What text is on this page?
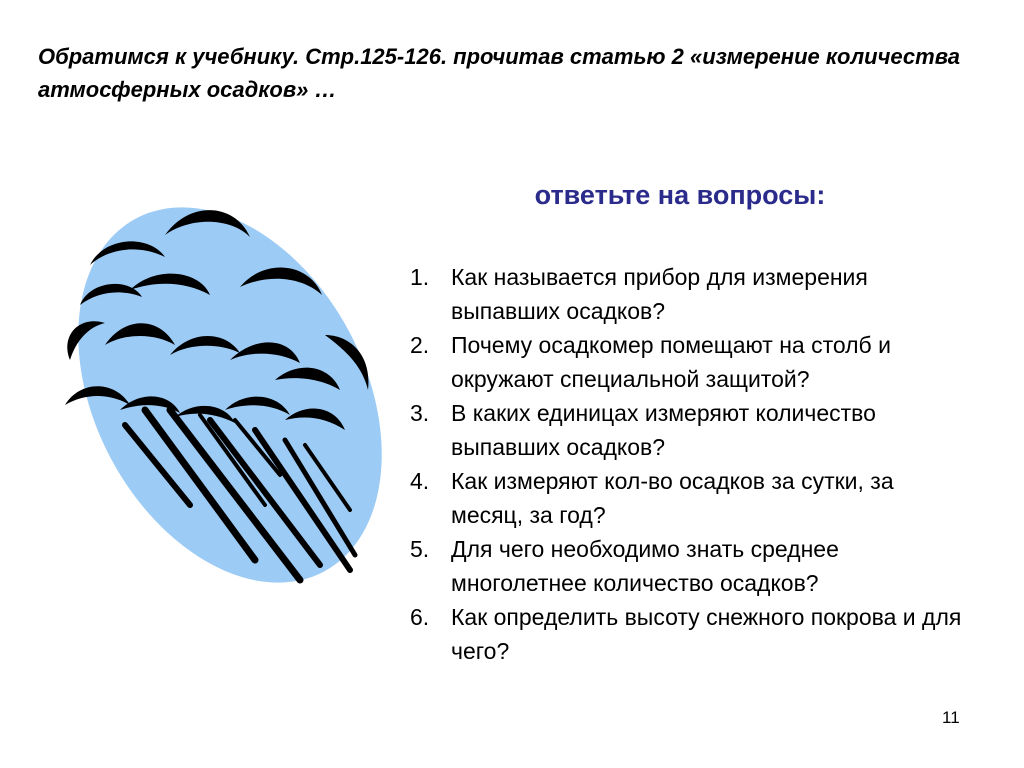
Обратимся к учебнику. Стр.125-126. прочитав статью 2 «измерение количества атмосферных осадков» …
ответьте на вопросы:
1. Как называется прибор для измерения выпавших осадков?
2. Почему осадкомер помещают на столб и окружают специальной защитой?
3. В каких единицах измеряют количество выпавших осадков?
4. Как измеряют кол-во осадков за сутки, за месяц, за год?
5. Для чего необходимо знать среднее многолетнее количество осадков?
6. Как определить высоту снежного покрова и для чего?
11
